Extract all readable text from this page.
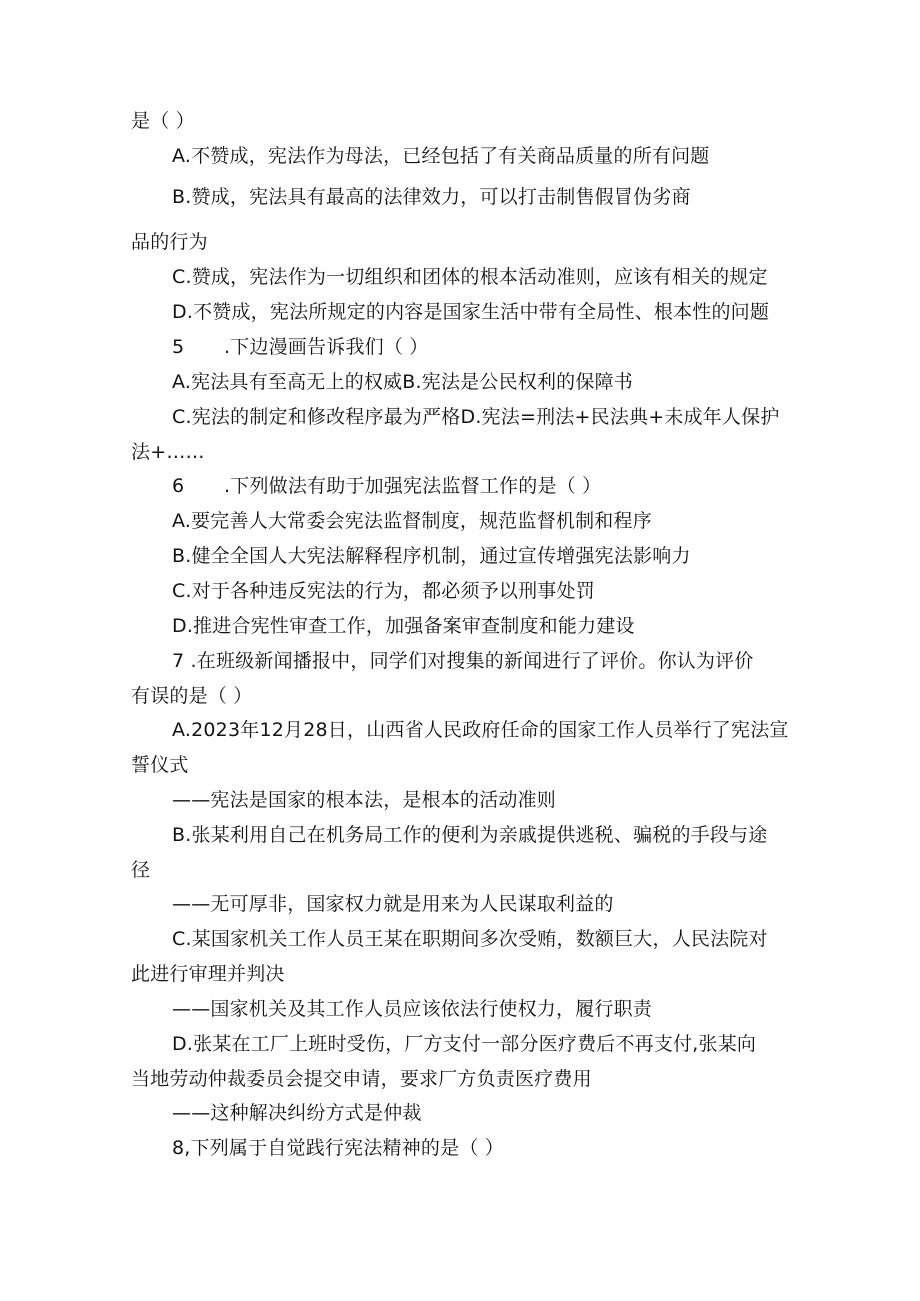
是（ ）
A.不赞成，宪法作为母法，已经包括了有关商品质量的所有问题
B.赞成，宪法具有最高的法律效力，可以打击制售假冒伪劣商
品的行为
C.赞成，宪法作为一切组织和团体的根本活动准则，应该有相关的规定
D.不赞成，宪法所规定的内容是国家生活中带有全局性、根本性的问题
5 .下边漫画告诉我们（ ）
A.宪法具有至高无上的权威B.宪法是公民权利的保障书
C.宪法的制定和修改程序最为严格D.宪法=刑法+民法典+未成年人保护
法+……
6 .下列做法有助于加强宪法监督工作的是（ ）
A.要完善人大常委会宪法监督制度，规范监督机制和程序
B.健全全国人大宪法解释程序机制，通过宣传增强宪法影响力
C.对于各种违反宪法的行为，都必须予以刑事处罚
D.推进合宪性审查工作，加强备案审查制度和能力建设
7 .在班级新闻播报中，同学们对搜集的新闻进行了评价。你认为评价
有误的是（ ）
A.2023年12月28日，山西省人民政府任命的国家工作人员举行了宪法宣
誓仪式
——宪法是国家的根本法，是根本的活动准则
B.张某利用自己在机务局工作的便利为亲戚提供逃税、骗税的手段与途
径
——无可厚非，国家权力就是用来为人民谋取利益的
C.某国家机关工作人员王某在职期间多次受贿，数额巨大，人民法院对
此进行审理并判决
——国家机关及其工作人员应该依法行使权力，履行职责
D.张某在工厂上班时受伤，厂方支付一部分医疗费后不再支付,张某向
当地劳动仲裁委员会提交申请，要求厂方负责医疗费用
——这种解决纠纷方式是仲裁
8,下列属于自觉践行宪法精神的是（ ）
